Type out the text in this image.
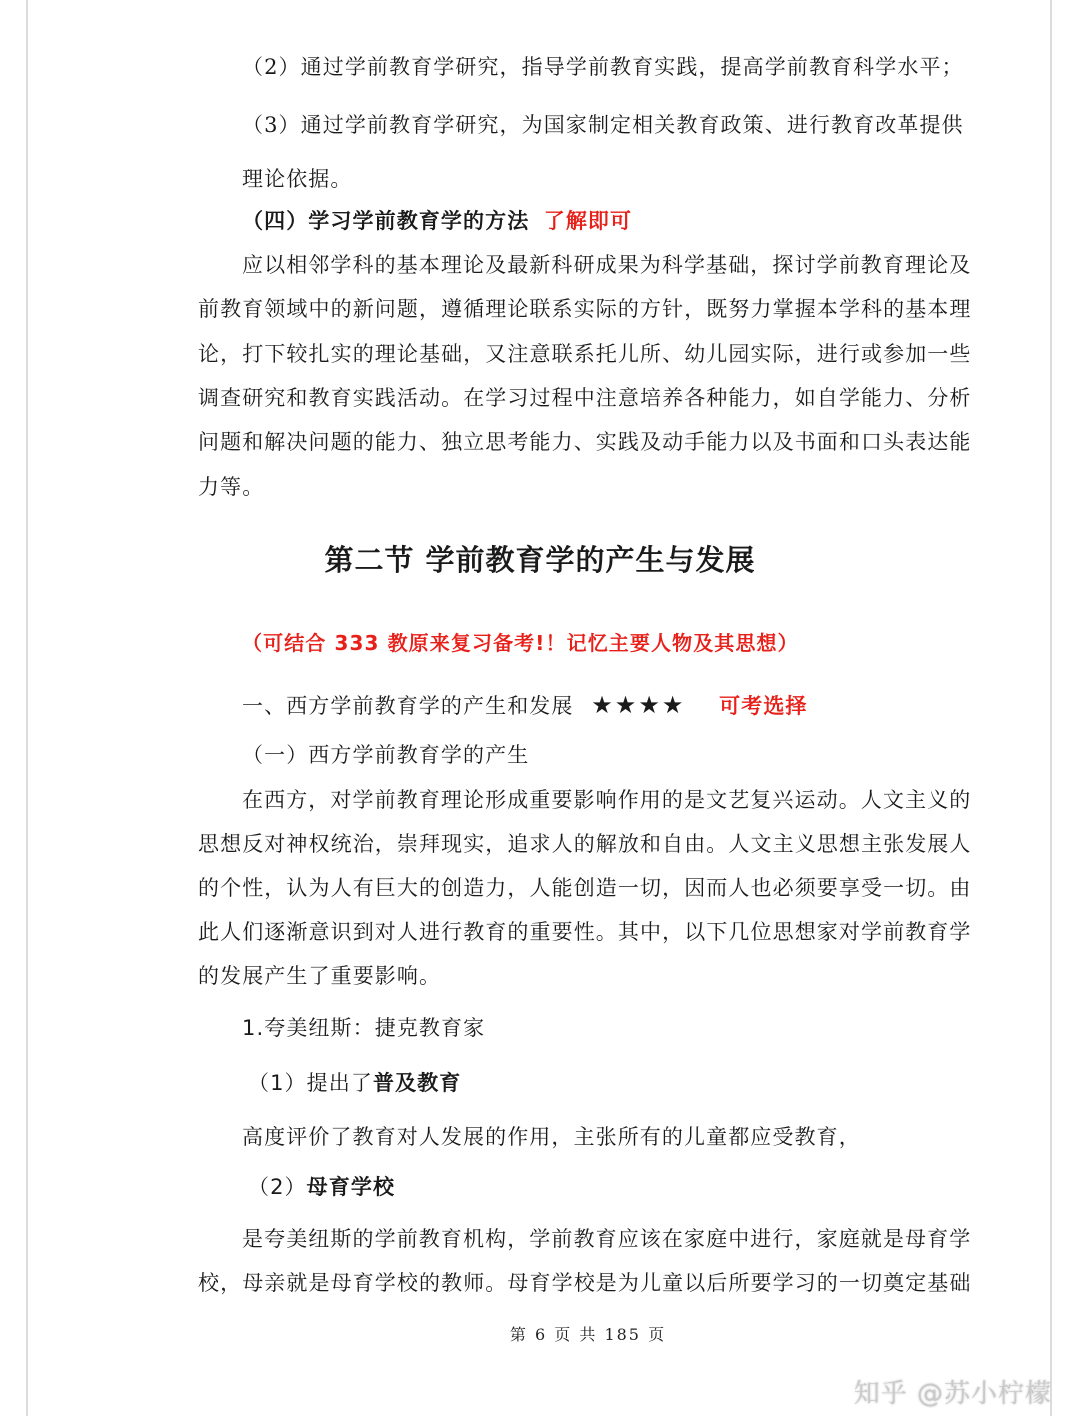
（2）通过学前教育学研究，指导学前教育实践，提高学前教育科学水平；
（3）通过学前教育学研究，为国家制定相关教育政策、进行教育改革提供
理论依据。
（四）学习学前教育学的方法 了解即可
应以相邻学科的基本理论及最新科研成果为科学基础，探讨学前教育理论及
前教育领域中的新问题，遵循理论联系实际的方针，既努力掌握本学科的基本理
论，打下较扎实的理论基础，又注意联系托儿所、幼儿园实际，进行或参加一些
调查研究和教育实践活动。在学习过程中注意培养各种能力，如自学能力、分析
问题和解决问题的能力、独立思考能力、实践及动手能力以及书面和口头表达能
力等。
第二节 学前教育学的产生与发展
（可结合 333 教原来复习备考!！记忆主要人物及其思想）
一、西方学前教育学的产生和发展 ★★★★ 可考选择
（一）西方学前教育学的产生
在西方，对学前教育理论形成重要影响作用的是文艺复兴运动。人文主义的
思想反对神权统治，崇拜现实，追求人的解放和自由。人文主义思想主张发展人
的个性，认为人有巨大的创造力，人能创造一切，因而人也必须要享受一切。由
此人们逐渐意识到对人进行教育的重要性。其中，以下几位思想家对学前教育学
的发展产生了重要影响。
1.夸美纽斯：捷克教育家
（1）提出了普及教育
高度评价了教育对人发展的作用，主张所有的儿童都应受教育，
（2）母育学校
是夸美纽斯的学前教育机构，学前教育应该在家庭中进行，家庭就是母育学
校，母亲就是母育学校的教师。母育学校是为儿童以后所要学习的一切奠定基础
第 6 页 共 185 页
知乎 @苏小柠檬
